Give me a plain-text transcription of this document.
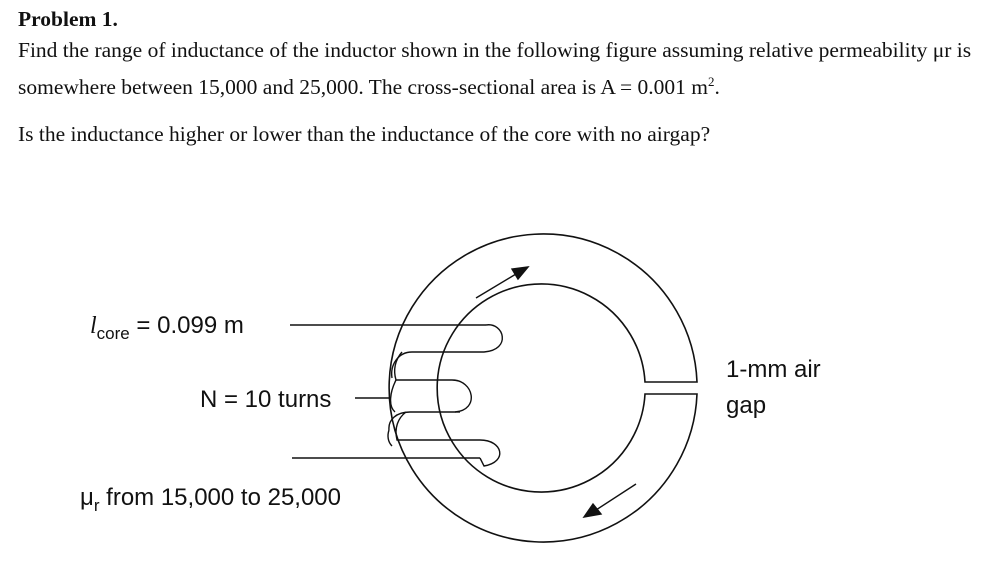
Problem 1.

Find the range of inductance of the inductor shown in the following figure assuming relative permeability μr is somewhere between 15,000 and 25,000. The cross-sectional area is A = 0.001 $m^2$.

Is the inductance higher or lower than the inductance of the core with no airgap?

$l_{core} = 0.099$ m
N = 10 turns
$\mu_r$ from 15,000 to 25,000
1-mm air
gap
